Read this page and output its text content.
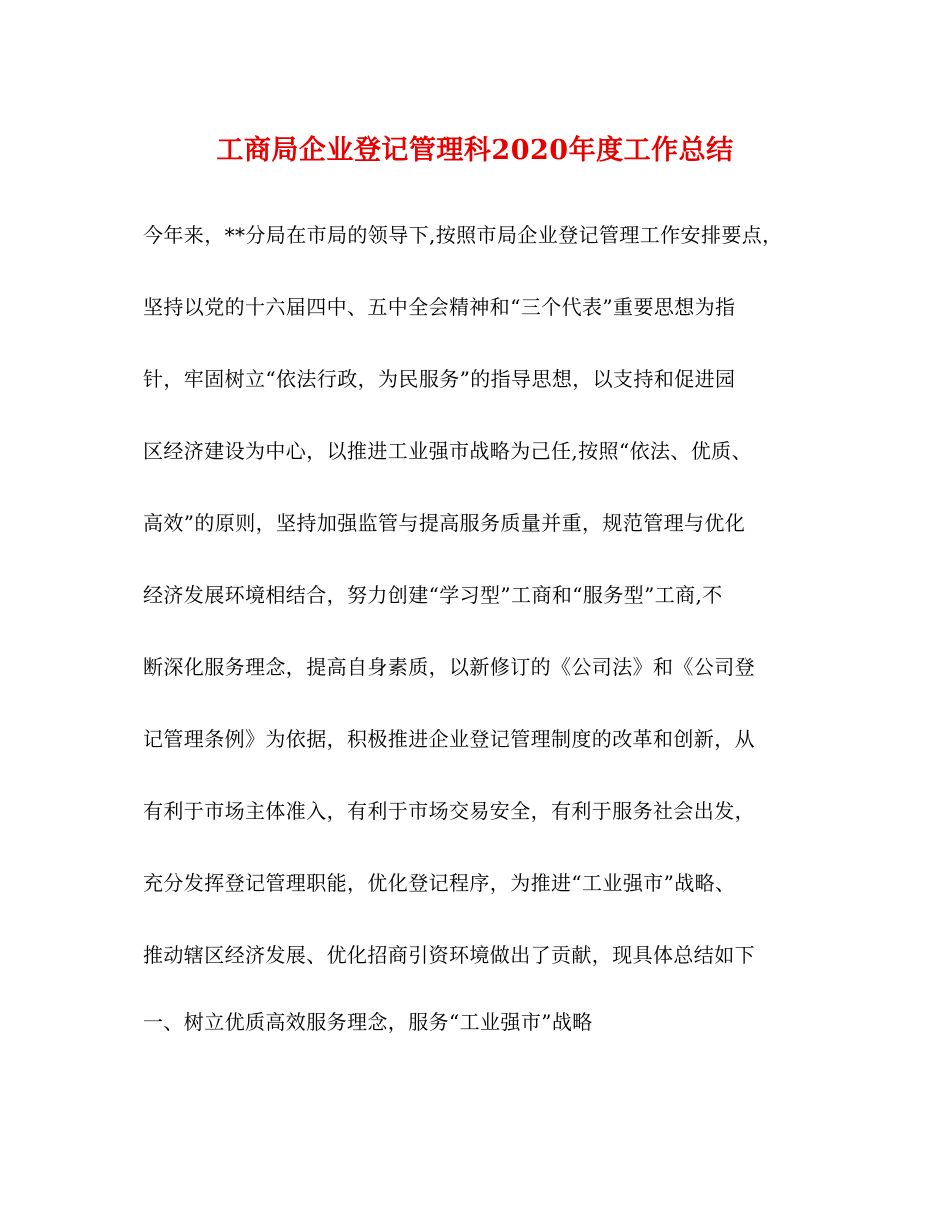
工商局企业登记管理科2020年度工作总结
今年来，**分局在市局的领导下,按照市局企业登记管理工作安排要点，
坚持以党的十六届四中、五中全会精神和“三个代表”重要思想为指
针，牢固树立“依法行政，为民服务”的指导思想，以支持和促进园
区经济建设为中心，以推进工业强市战略为己任,按照“依法、优质、
高效”的原则，坚持加强监管与提高服务质量并重，规范管理与优化
经济发展环境相结合，努力创建“学习型”工商和“服务型”工商,不
断深化服务理念，提高自身素质，以新修订的《公司法》和《公司登
记管理条例》为依据，积极推进企业登记管理制度的改革和创新，从
有利于市场主体准入，有利于市场交易安全，有利于服务社会出发，
充分发挥登记管理职能，优化登记程序，为推进“工业强市”战略、
推动辖区经济发展、优化招商引资环境做出了贡献，现具体总结如下
一、树立优质高效服务理念，服务“工业强市”战略
